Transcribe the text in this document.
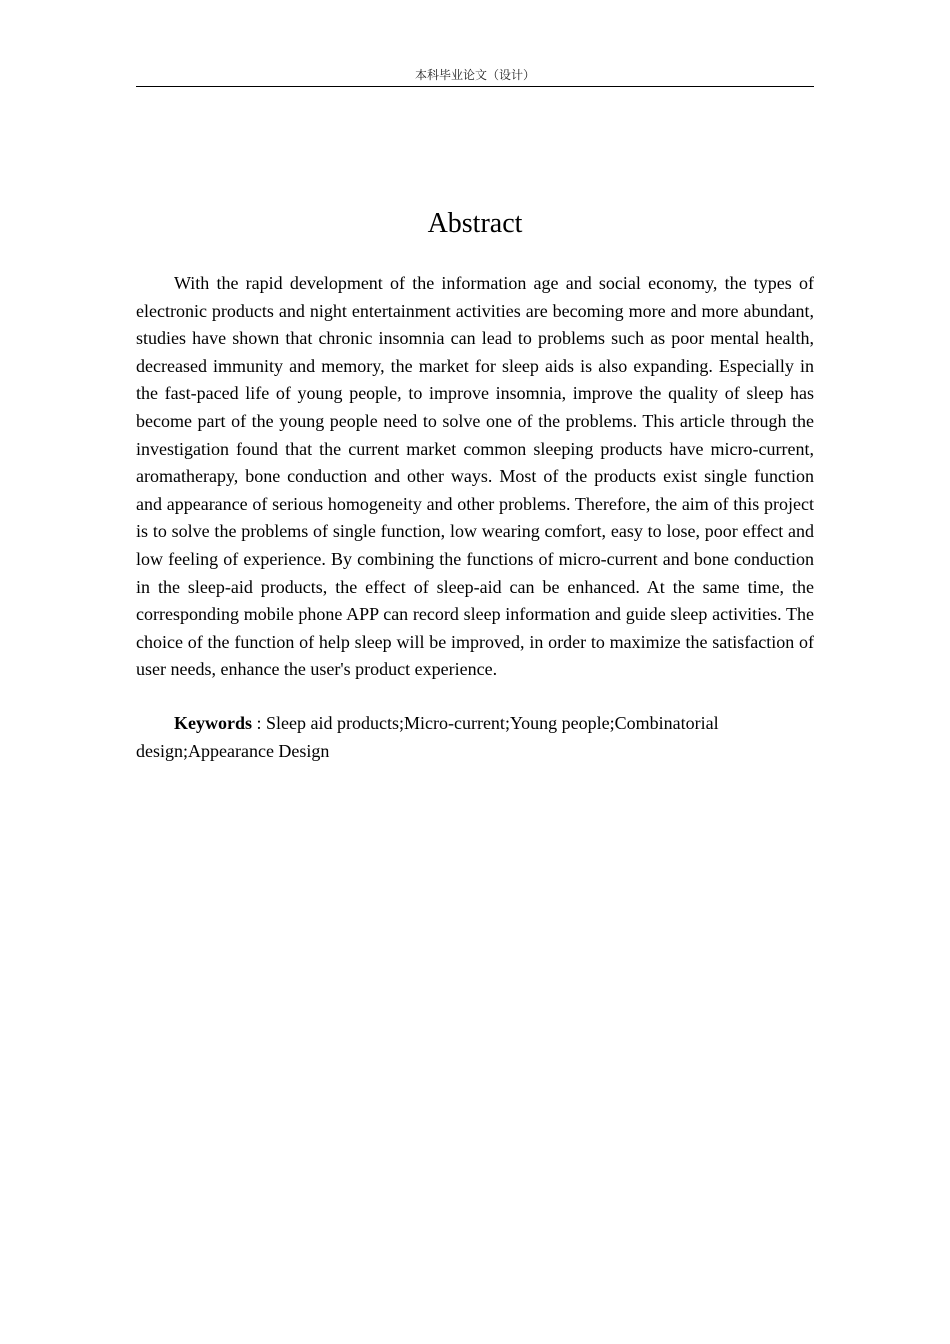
本科毕业论文（设计）
Abstract

With the rapid development of the information age and social economy, the types of electronic products and night entertainment activities are becoming more and more abundant, studies have shown that chronic insomnia can lead to problems such as poor mental health, decreased immunity and memory, the market for sleep aids is also expanding. Especially in the fast-paced life of young people, to improve insomnia, improve the quality of sleep has become part of the young people need to solve one of the problems. This article through the investigation found that the current market common sleeping products have micro-current, aromatherapy, bone conduction and other ways. Most of the products exist single function and appearance of serious homogeneity and other problems. Therefore, the aim of this project is to solve the problems of single function, low wearing comfort, easy to lose, poor effect and low feeling of experience. By combining the functions of micro-current and bone conduction in the sleep-aid products, the effect of sleep-aid can be enhanced. At the same time, the corresponding mobile phone APP can record sleep information and guide sleep activities. The choice of the function of help sleep will be improved, in order to maximize the satisfaction of user needs, enhance the user's product experience.

Keywords : Sleep aid products;Micro-current;Young people;Combinatorial design;Appearance Design
